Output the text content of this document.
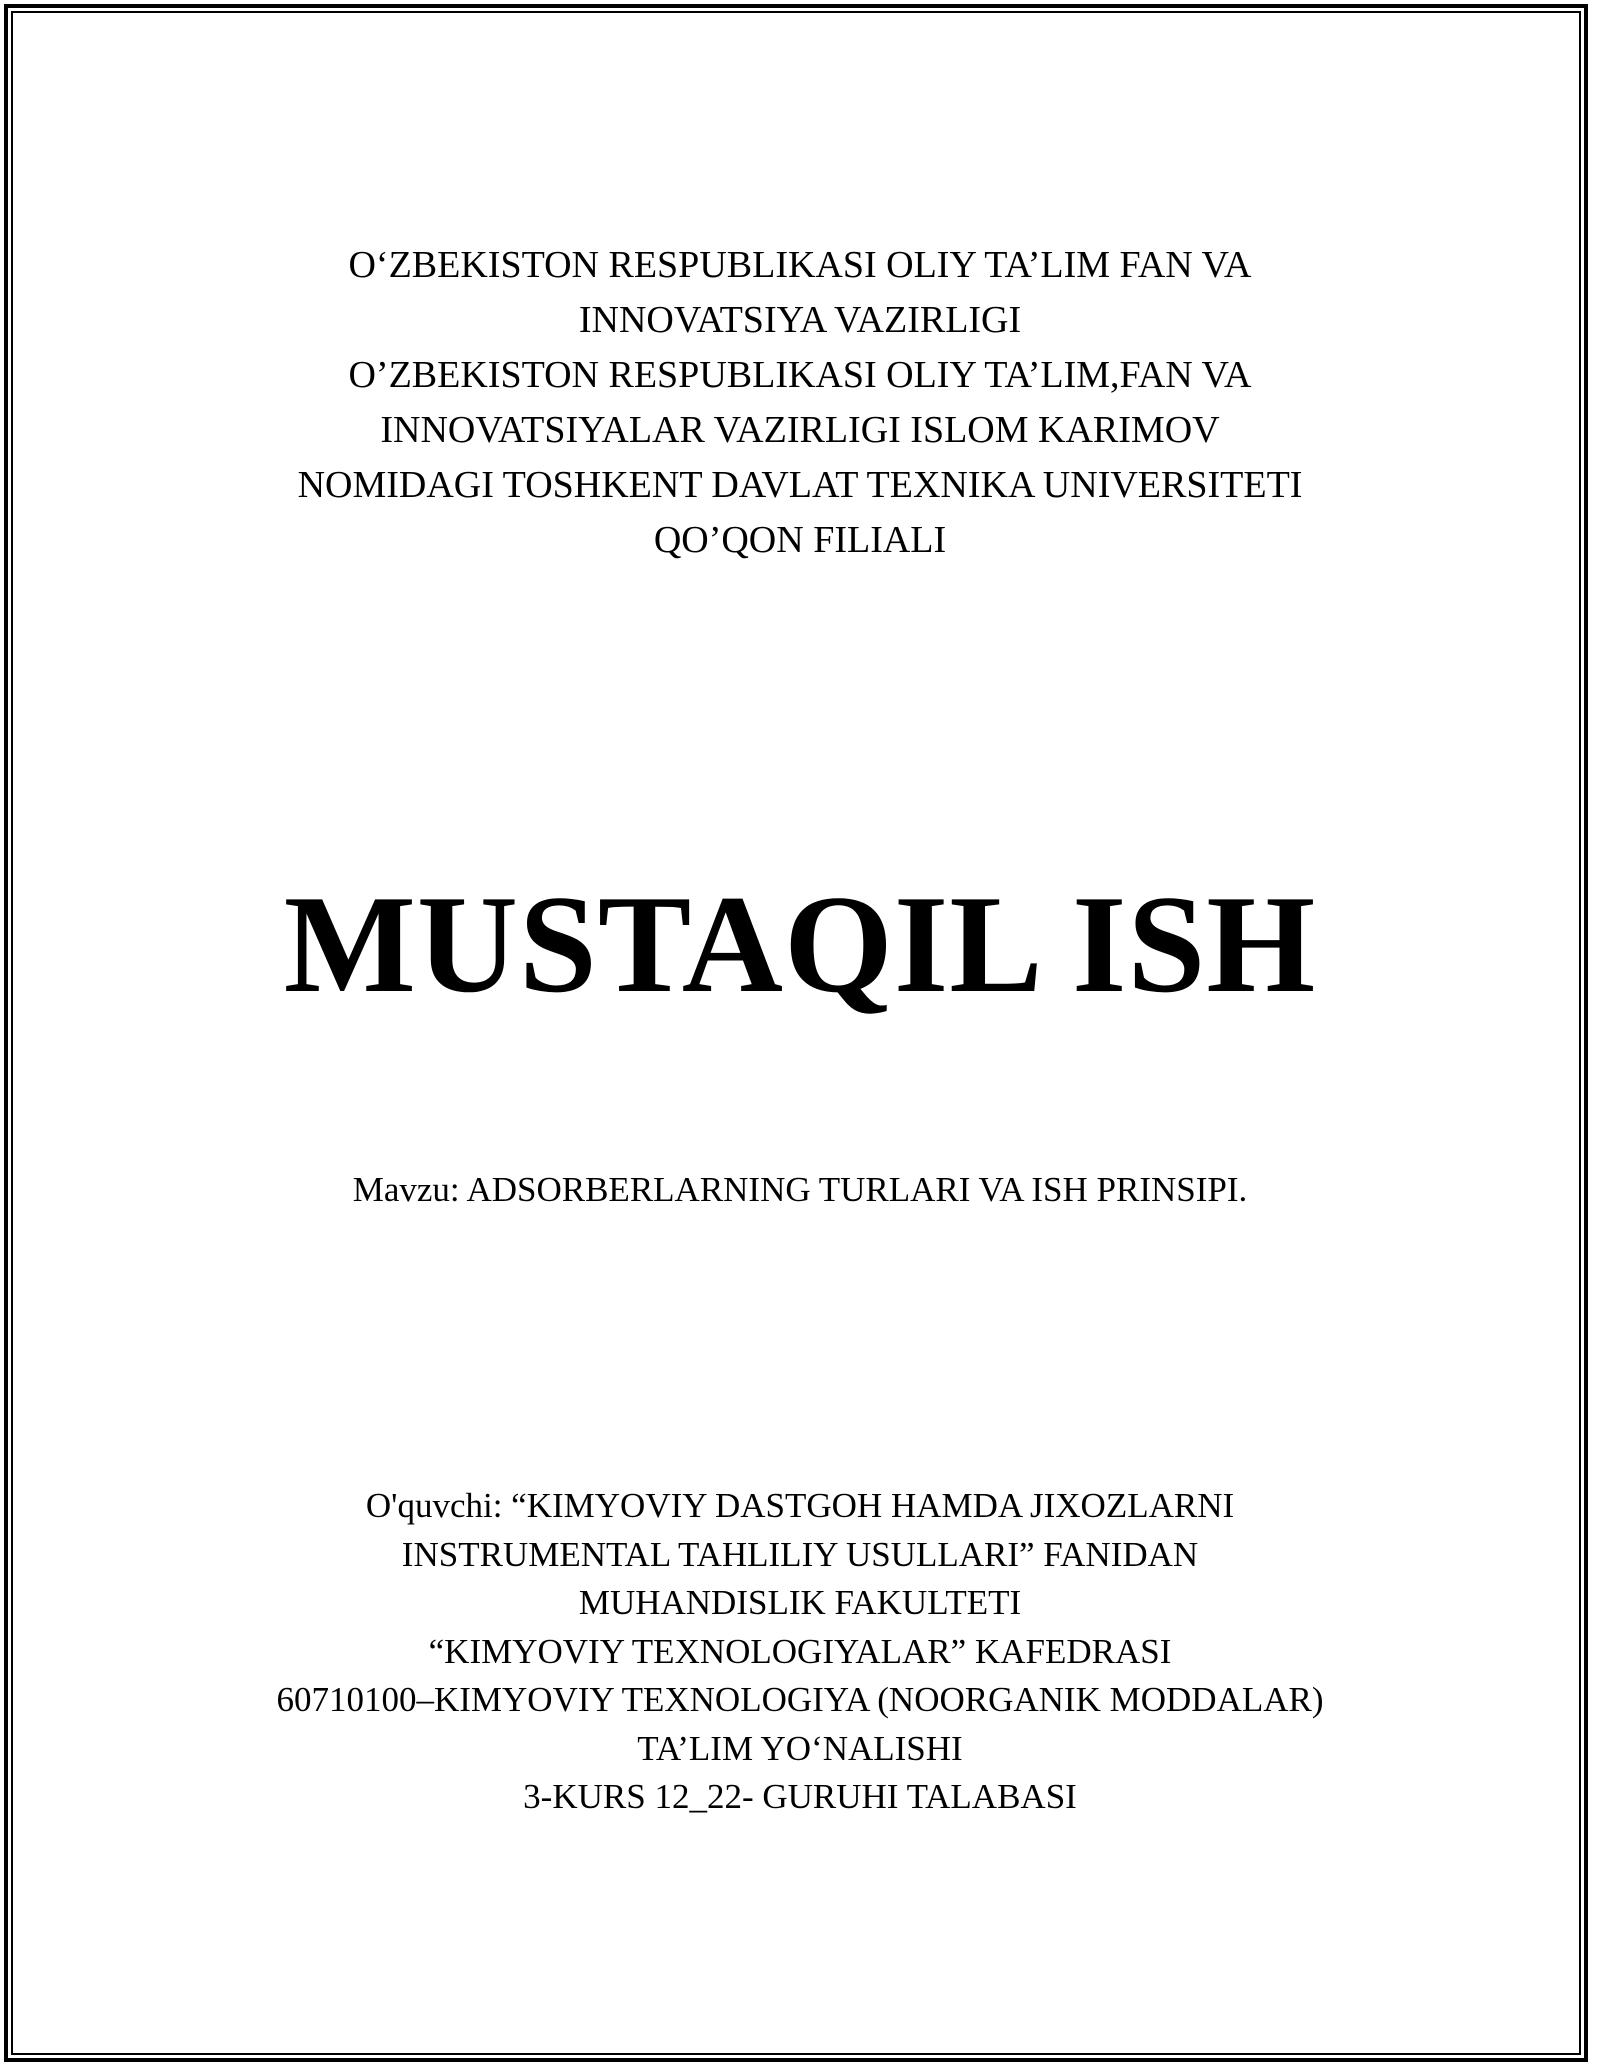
O‘ZBEKISTON RESPUBLIKASI OLIY TA’LIM FAN VA
INNOVATSIYA VAZIRLIGI
O’ZBEKISTON RESPUBLIKASI OLIY TA’LIM,FAN VA
INNOVATSIYALAR VAZIRLIGI ISLOM KARIMOV
NOMIDAGI TOSHKENT DAVLAT TEXNIKA UNIVERSITETI
QO’QON FILIALI
MUSTAQIL ISH
Mavzu: ADSORBERLARNING TURLARI VA ISH PRINSIPI.
O'quvchi: “KIMYOVIY DASTGOH HAMDA JIXOZLARNI
INSTRUMENTAL TAHLILIY USULLARI” FANIDAN
MUHANDISLIK FAKULTETI
“KIMYOVIY TEXNOLOGIYALAR” KAFEDRASI
60710100–KIMYOVIY TEXNOLOGIYA (NOORGANIK MODDALAR)
TA’LIM YO‘NALISHI
3-KURS 12_22- GURUHI TALABASI
